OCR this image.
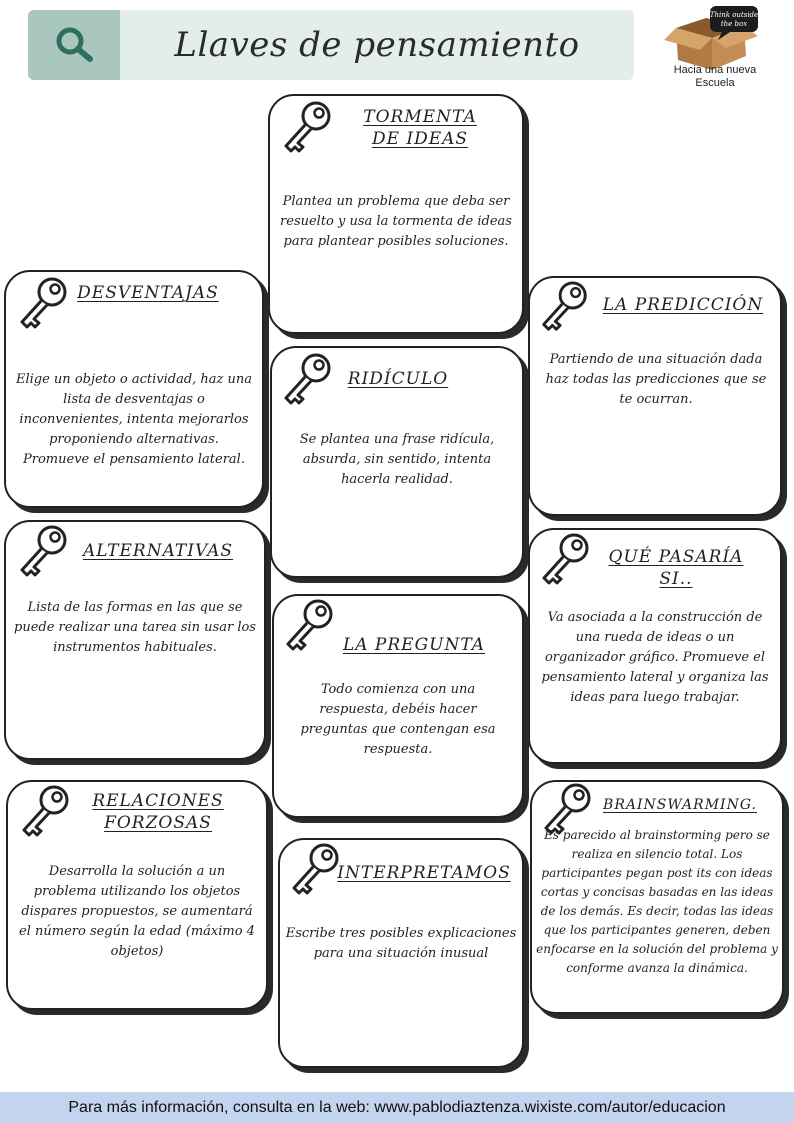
Llaves de pensamiento
Think outside
the box
Hacia una nueva
Escuela
TORMENTA
DE IDEAS
Plantea un problema que deba ser resuelto y usa la tormenta de ideas para plantear posibles soluciones.
DESVENTAJAS
Elige un objeto o actividad, haz una lista de desventajas o inconvenientes, intenta mejorarlos proponiendo alternativas. Promueve el pensamiento lateral.
LA PREDICCIÓN
Partiendo de una situación dada haz todas las predicciones que se te ocurran.
RIDÍCULO
Se plantea una frase ridícula, absurda, sin sentido, intenta hacerla realidad.
ALTERNATIVAS
Lista de las formas en las que se puede realizar una tarea sin usar los instrumentos habituales.
QUÉ PASARÍA
SI..
Va asociada a la construcción de una rueda de ideas o un organizador gráfico. Promueve el pensamiento lateral y organiza las ideas para luego trabajar.
LA PREGUNTA
Todo comienza con una respuesta, debéis hacer preguntas que contengan esa respuesta.
RELACIONES
FORZOSAS
Desarrolla la solución a un problema utilizando los objetos dispares propuestos, se aumentará el número según la edad (máximo 4 objetos)
INTERPRETAMOS
Escribe tres posibles explicaciones para una situación inusual
BRAINSWARMING.
Es parecido al brainstorming pero se realiza en silencio total. Los participantes pegan post its con ideas cortas y concisas basadas en las ideas de los demás. Es decir, todas las ideas que los participantes generen, deben enfocarse en la solución del problema y conforme avanza la dinámica.
Para más información, consulta en la web: www.pablodiaztenza.wixiste.com/autor/educacion
